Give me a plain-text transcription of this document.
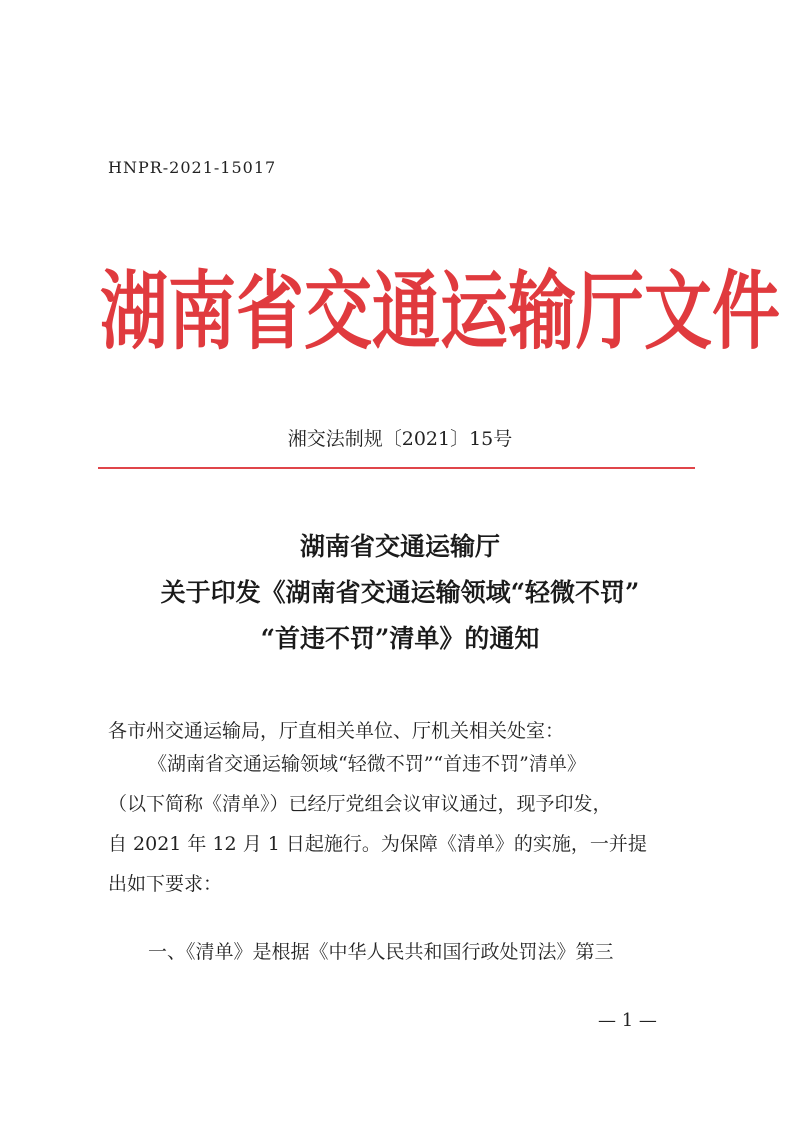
HNPR-2021-15017
湖南省交通运输厅文件
湘交法制规〔2021〕15号
湖南省交通运输厅
关于印发《湖南省交通运输领域“轻微不罚”
“首违不罚”清单》的通知
各市州交通运输局，厅直相关单位、厅机关相关处室：
《湖南省交通运输领域“轻微不罚”“首违不罚”清单》
（以下简称《清单》）已经厅党组会议审议通过，现予印发，
自 2021 年 12 月 1 日起施行。为保障《清单》的实施，一并提
出如下要求：
一、《清单》是根据《中华人民共和国行政处罚法》第三
— 1 —
